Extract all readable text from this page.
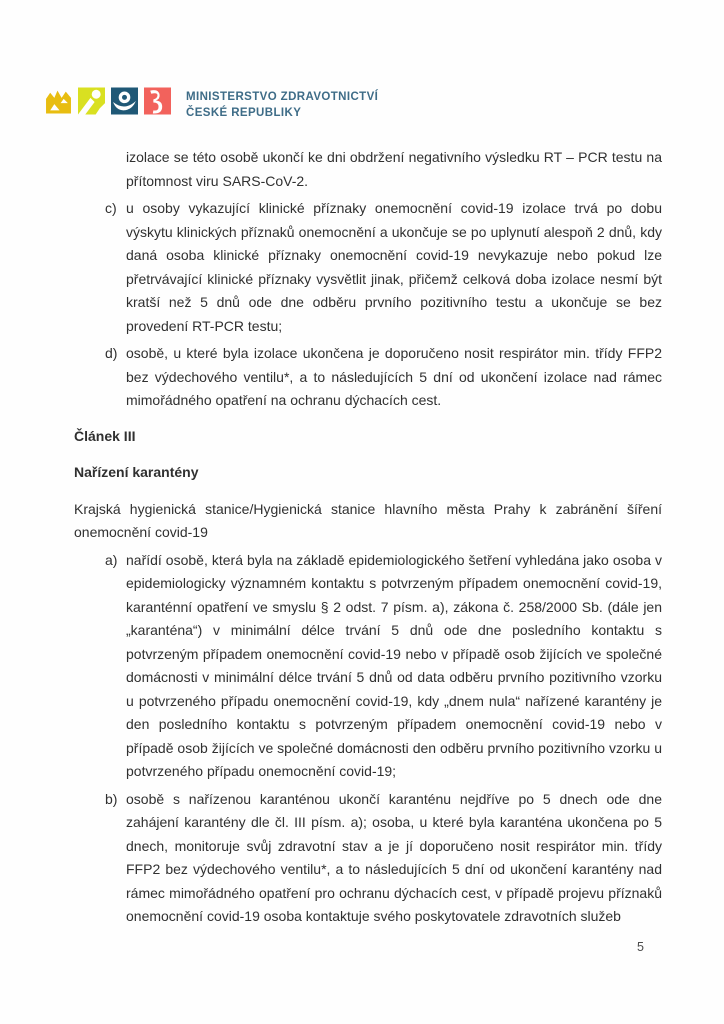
MINISTERSTVO ZDRAVOTNICTVÍ
ČESKÉ REPUBLIKY

izolace se této osobě ukončí ke dni obdržení negativního výsledku RT – PCR testu na přítomnost viru SARS-CoV-2.

c) u osoby vykazující klinické příznaky onemocnění covid-19 izolace trvá po dobu výskytu klinických příznaků onemocnění a ukončuje se po uplynutí alespoň 2 dnů, kdy daná osoba klinické příznaky onemocnění covid-19 nevykazuje nebo pokud lze přetrvávající klinické příznaky vysvětlit jinak, přičemž celková doba izolace nesmí být kratší než 5 dnů ode dne odběru prvního pozitivního testu a ukončuje se bez provedení RT-PCR testu;
d) osobě, u které byla izolace ukončena je doporučeno nosit respirátor min. třídy FFP2 bez výdechového ventilu*, a to následujících 5 dní od ukončení izolace nad rámec mimořádného opatření na ochranu dýchacích cest.
Článek III
Nařízení karantény

Krajská hygienická stanice/Hygienická stanice hlavního města Prahy k zabránění šíření onemocnění covid-19

a) nařídí osobě, která byla na základě epidemiologického šetření vyhledána jako osoba v epidemiologicky významném kontaktu s potvrzeným případem onemocnění covid-19, karanténní opatření ve smyslu § 2 odst. 7 písm. a), zákona č. 258/2000 Sb. (dále jen „karanténa“) v minimální délce trvání 5 dnů ode dne posledního kontaktu s potvrzeným případem onemocnění covid-19 nebo v případě osob žijících ve společné domácnosti v minimální délce trvání 5 dnů od data odběru prvního pozitivního vzorku u potvrzeného případu onemocnění covid-19, kdy „dnem nula“ nařízené karantény je den posledního kontaktu s potvrzeným případem onemocnění covid-19 nebo v případě osob žijících ve společné domácnosti den odběru prvního pozitivního vzorku u potvrzeného případu onemocnění covid-19;
b) osobě s nařízenou karanténou ukončí karanténu nejdříve po 5 dnech ode dne zahájení karantény dle čl. III písm. a); osoba, u které byla karanténa ukončena po 5 dnech, monitoruje svůj zdravotní stav a je jí doporučeno nosit respirátor min. třídy FFP2 bez výdechového ventilu*, a to následujících 5 dní od ukončení karantény nad rámec mimořádného opatření pro ochranu dýchacích cest, v případě projevu příznaků onemocnění covid-19 osoba kontaktuje svého poskytovatele zdravotních služeb
5
